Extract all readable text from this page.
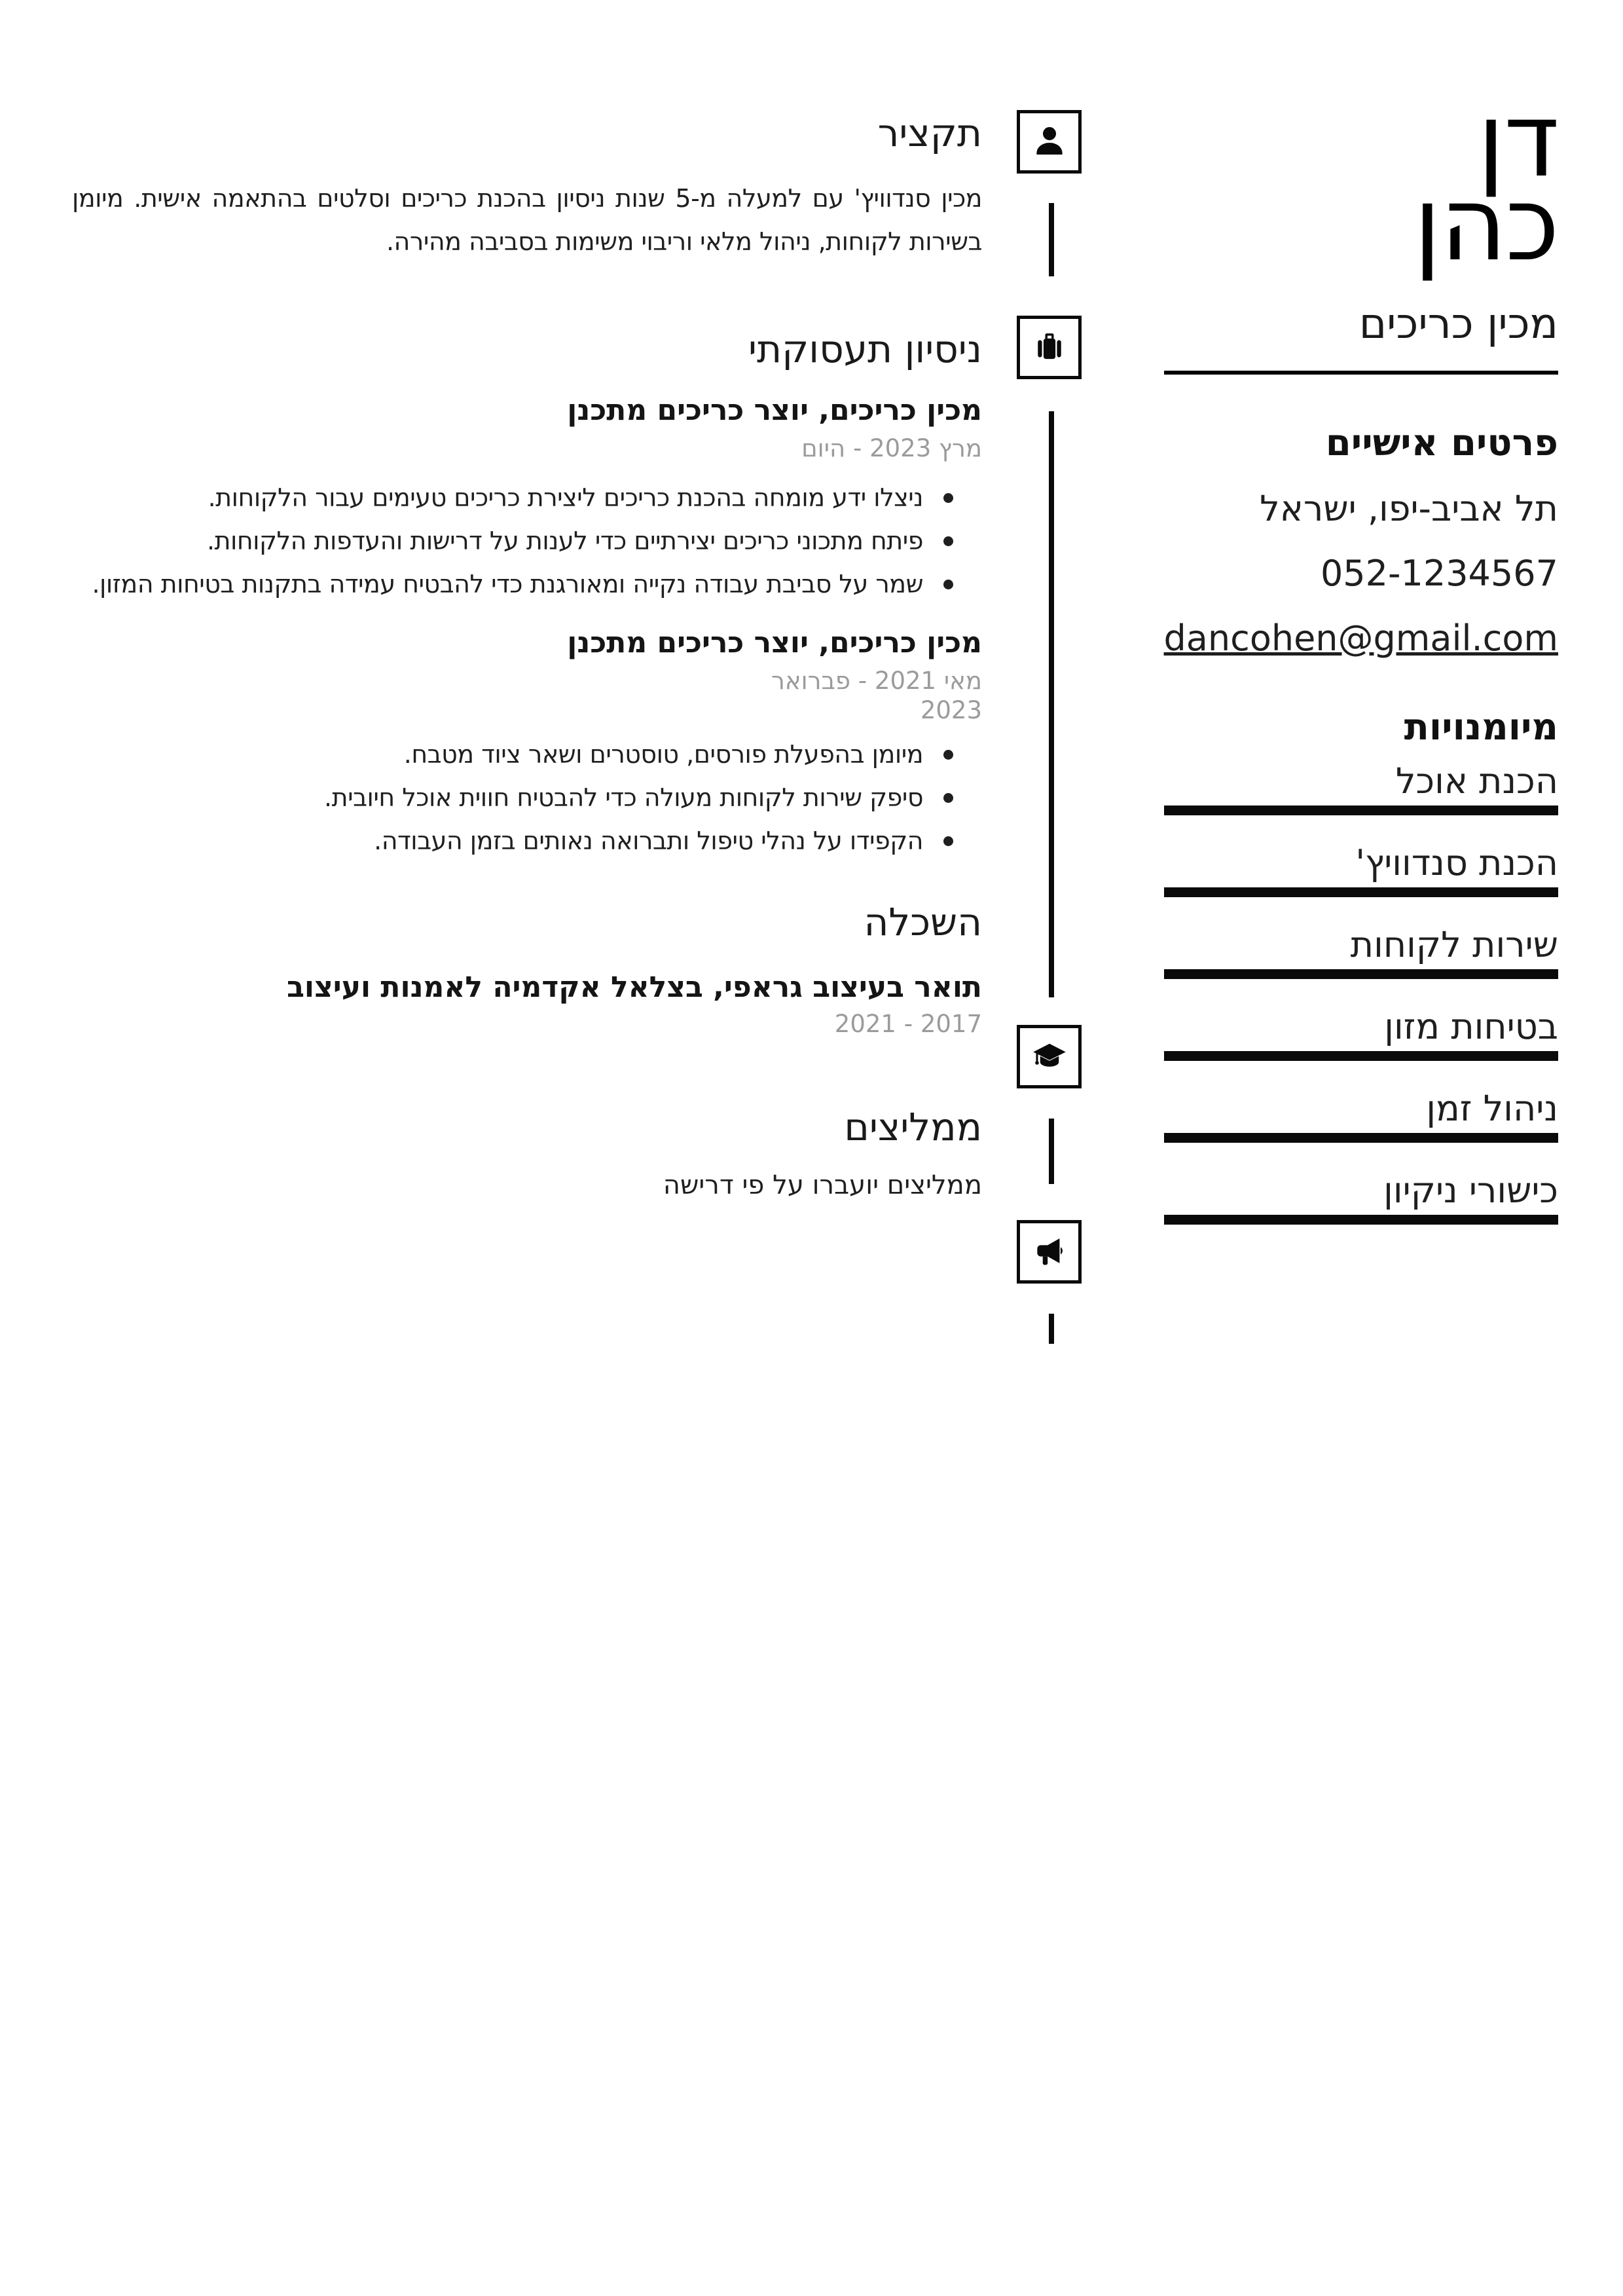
דן
כהן
מכין כריכים
פרטים אישיים
תל אביב-יפו, ישראל
052-1234567
dancohen@gmail.com
מיומנויות
הכנת אוכל
הכנת סנדוויץ'
שירות לקוחות
בטיחות מזון
ניהול זמן
כישורי ניקיון
תקציר

מכין סנדוויץ' עם למעלה מ-5 שנות ניסיון בהכנת כריכים וסלטים בהתאמה אישית. מיומן בשירות לקוחות, ניהול מלאי וריבוי משימות בסביבה מהירה.

ניסיון תעסוקתי
מכין כריכים, יוצר כריכים מתכנן
מרץ 2023 - היום
ניצלו ידע מומחה בהכנת כריכים ליצירת כריכים טעימים עבור הלקוחות.
פיתח מתכוני כריכים יצירתיים כדי לענות על דרישות והעדפות הלקוחות.
שמר על סביבת עבודה נקייה ומאורגנת כדי להבטיח עמידה בתקנות בטיחות המזון.
מכין כריכים, יוצר כריכים מתכנן
מאי 2021 - פברואר 2023
מיומן בהפעלת פורסים, טוסטרים ושאר ציוד מטבח.
סיפק שירות לקוחות מעולה כדי להבטיח חווית אוכל חיובית.
הקפידו על נהלי טיפול ותברואה נאותים בזמן העבודה.
השכלה
תואר בעיצוב גראפי, בצלאל אקדמיה לאמנות ועיצוב
2017 - 2021
ממליצים
ממליצים יועברו על פי דרישה
